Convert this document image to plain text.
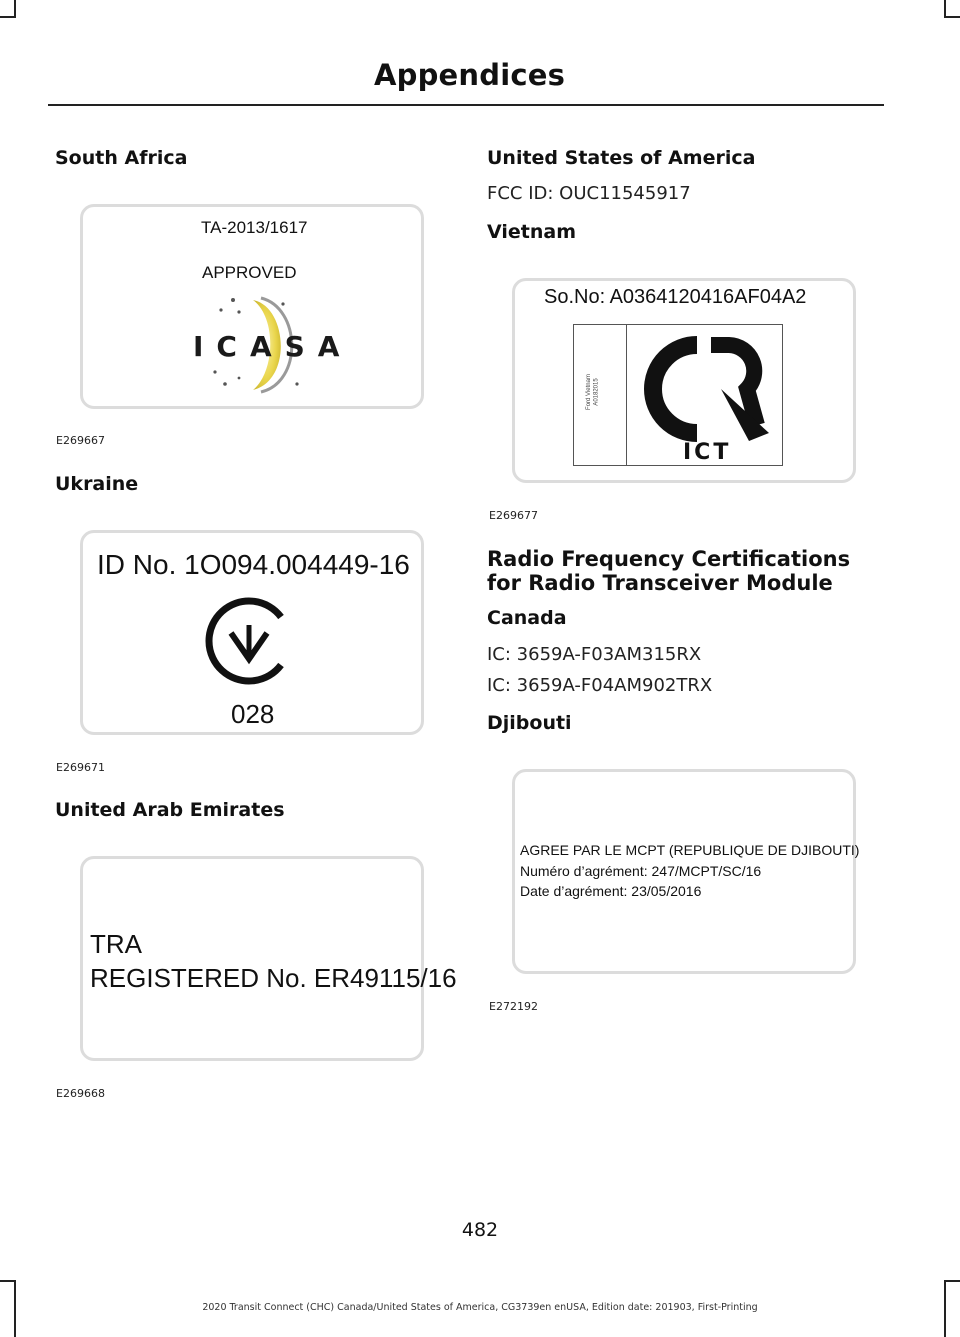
Appendices
South Africa
TA-2013/1617
APPROVED
ICASA
E269667
Ukraine
ID No. 1O094.004449-16
028
E269671
United Arab Emirates
TRA
REGISTERED No. ER49115/16
E269668
United States of America
FCC ID: OUC11545917
Vietnam
So.No: A0364120416AF04A2
Ford Vietnam A0182015
ICT
E269677
Radio Frequency Certifications for Radio Transceiver Module
Canada
IC: 3659A-F03AM315RX
IC: 3659A-F04AM902TRX
Djibouti
AGREE PAR LE MCPT (REPUBLIQUE DE DJIBOUTI)
Numéro d’agrément: 247/MCPT/SC/16
Date d’agrément: 23/05/2016
E272192
482
2020 Transit Connect (CHC) Canada/United States of America, CG3739en enUSA, Edition date: 201903, First-Printing
